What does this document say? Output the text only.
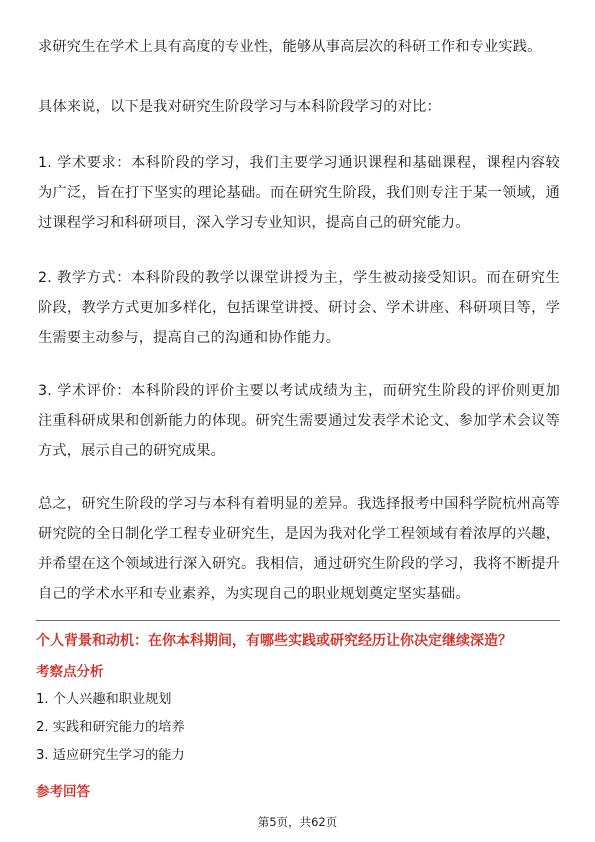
求研究生在学术上具有高度的专业性，能够从事高层次的科研工作和专业实践。

具体来说，以下是我对研究生阶段学习与本科阶段学习的对比：

1. 学术要求：本科阶段的学习，我们主要学习通识课程和基础课程，课程内容较为广泛，旨在打下坚实的理论基础。而在研究生阶段，我们则专注于某一领域，通过课程学习和科研项目，深入学习专业知识，提高自己的研究能力。

2. 教学方式：本科阶段的教学以课堂讲授为主，学生被动接受知识。而在研究生阶段，教学方式更加多样化，包括课堂讲授、研讨会、学术讲座、科研项目等，学生需要主动参与，提高自己的沟通和协作能力。

3. 学术评价：本科阶段的评价主要以考试成绩为主，而研究生阶段的评价则更加注重科研成果和创新能力的体现。研究生需要通过发表学术论文、参加学术会议等方式，展示自己的研究成果。

总之，研究生阶段的学习与本科有着明显的差异。我选择报考中国科学院杭州高等研究院的全日制化学工程专业研究生，是因为我对化学工程领域有着浓厚的兴趣，并希望在这个领域进行深入研究。我相信，通过研究生阶段的学习，我将不断提升自己的学术水平和专业素养，为实现自己的职业规划奠定坚实基础。

个人背景和动机：在你本科期间，有哪些实践或研究经历让你决定继续深造？

考察点分析

1. 个人兴趣和职业规划

2. 实践和研究能力的培养

3. 适应研究生学习的能力

参考回答

第5页，共62页
